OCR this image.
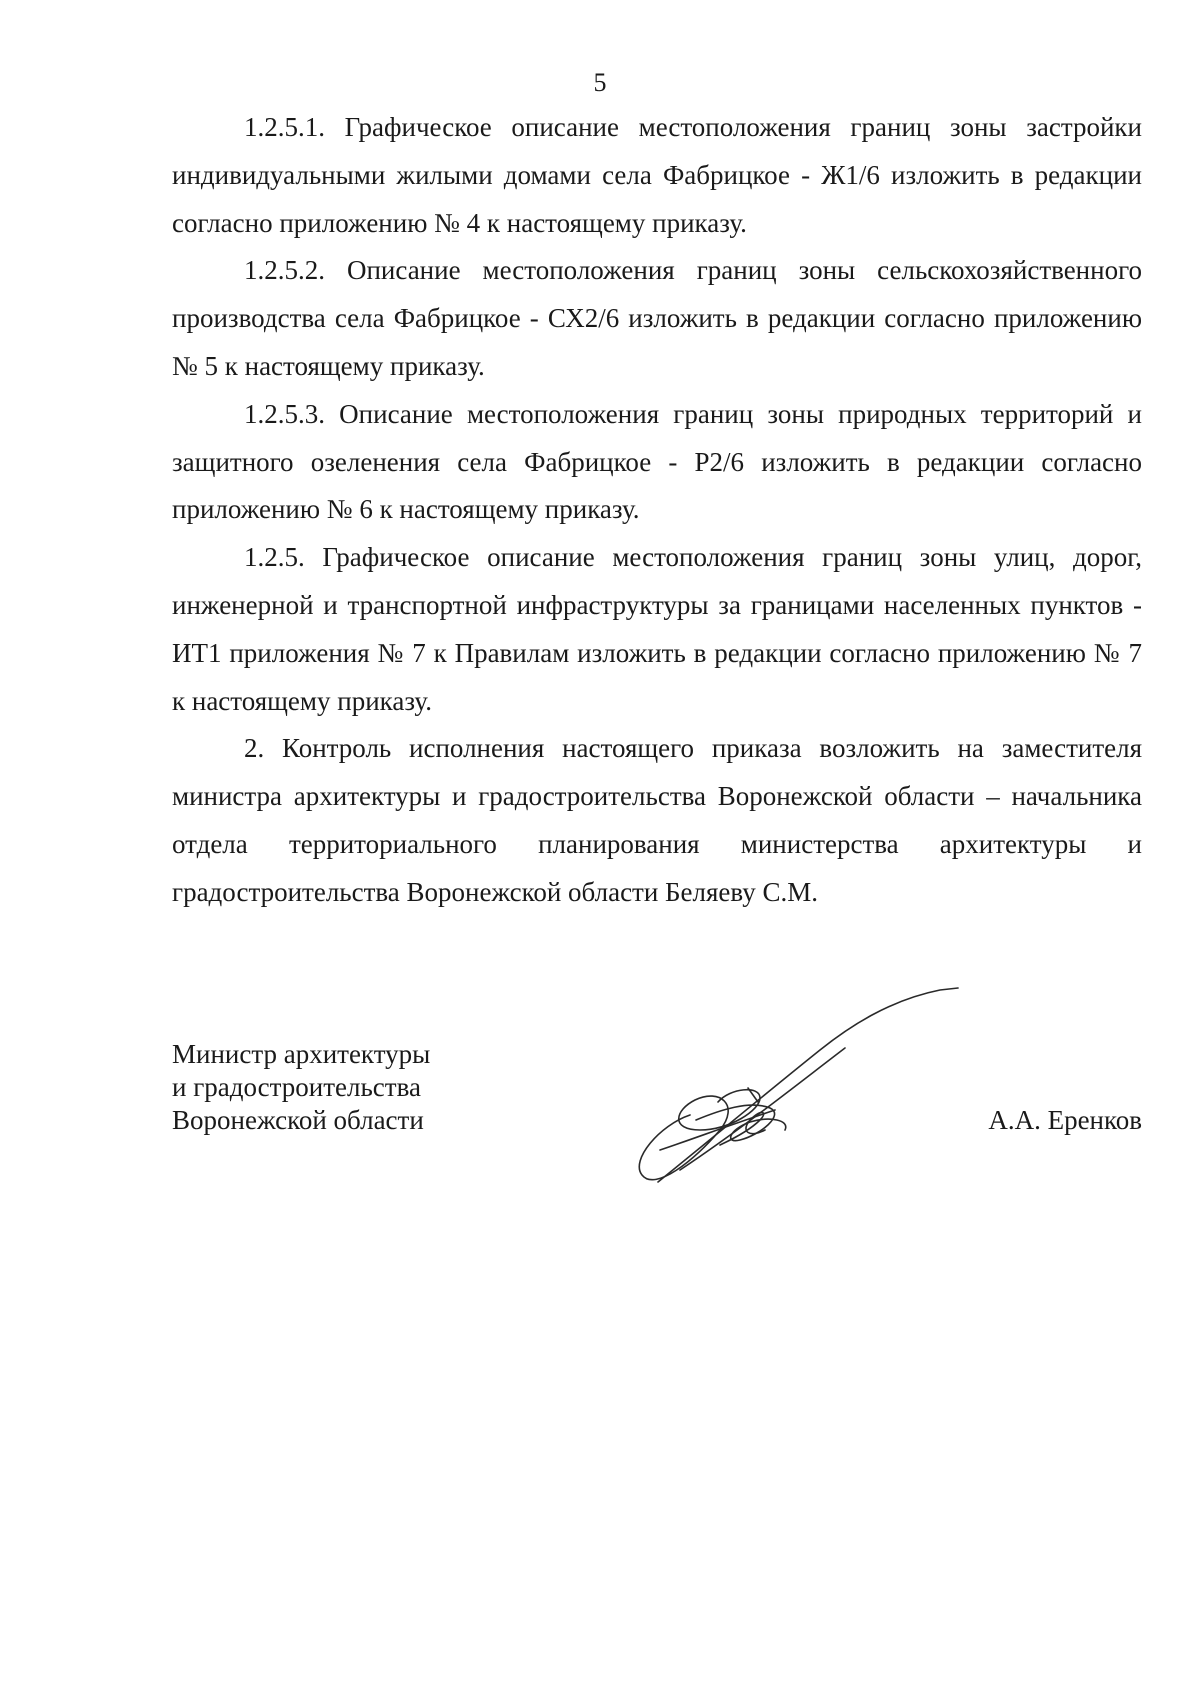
5

1.2.5.1. Графическое описание местоположения границ зоны застройки индивидуальными жилыми домами села Фабрицкое - Ж1/6 изложить в редакции согласно приложению № 4 к настоящему приказу.

1.2.5.2. Описание местоположения границ зоны сельскохозяйственного производства села Фабрицкое - СХ2/6 изложить в редакции согласно приложению № 5 к настоящему приказу.

1.2.5.3. Описание местоположения границ зоны природных территорий и защитного озеленения села Фабрицкое - Р2/6 изложить в редакции согласно приложению № 6 к настоящему приказу.

1.2.5. Графическое описание местоположения границ зоны улиц, дорог, инженерной и транспортной инфраструктуры за границами населенных пунктов - ИТ1 приложения № 7 к Правилам изложить в редакции согласно приложению № 7 к настоящему приказу.

2. Контроль исполнения настоящего приказа возложить на заместителя министра архитектуры и градостроительства Воронежской области – начальника отдела территориального планирования министерства архитектуры и градостроительства Воронежской области Беляеву С.М.

Министр архитектуры
и градостроительства
Воронежской области	А.А. Еренков
